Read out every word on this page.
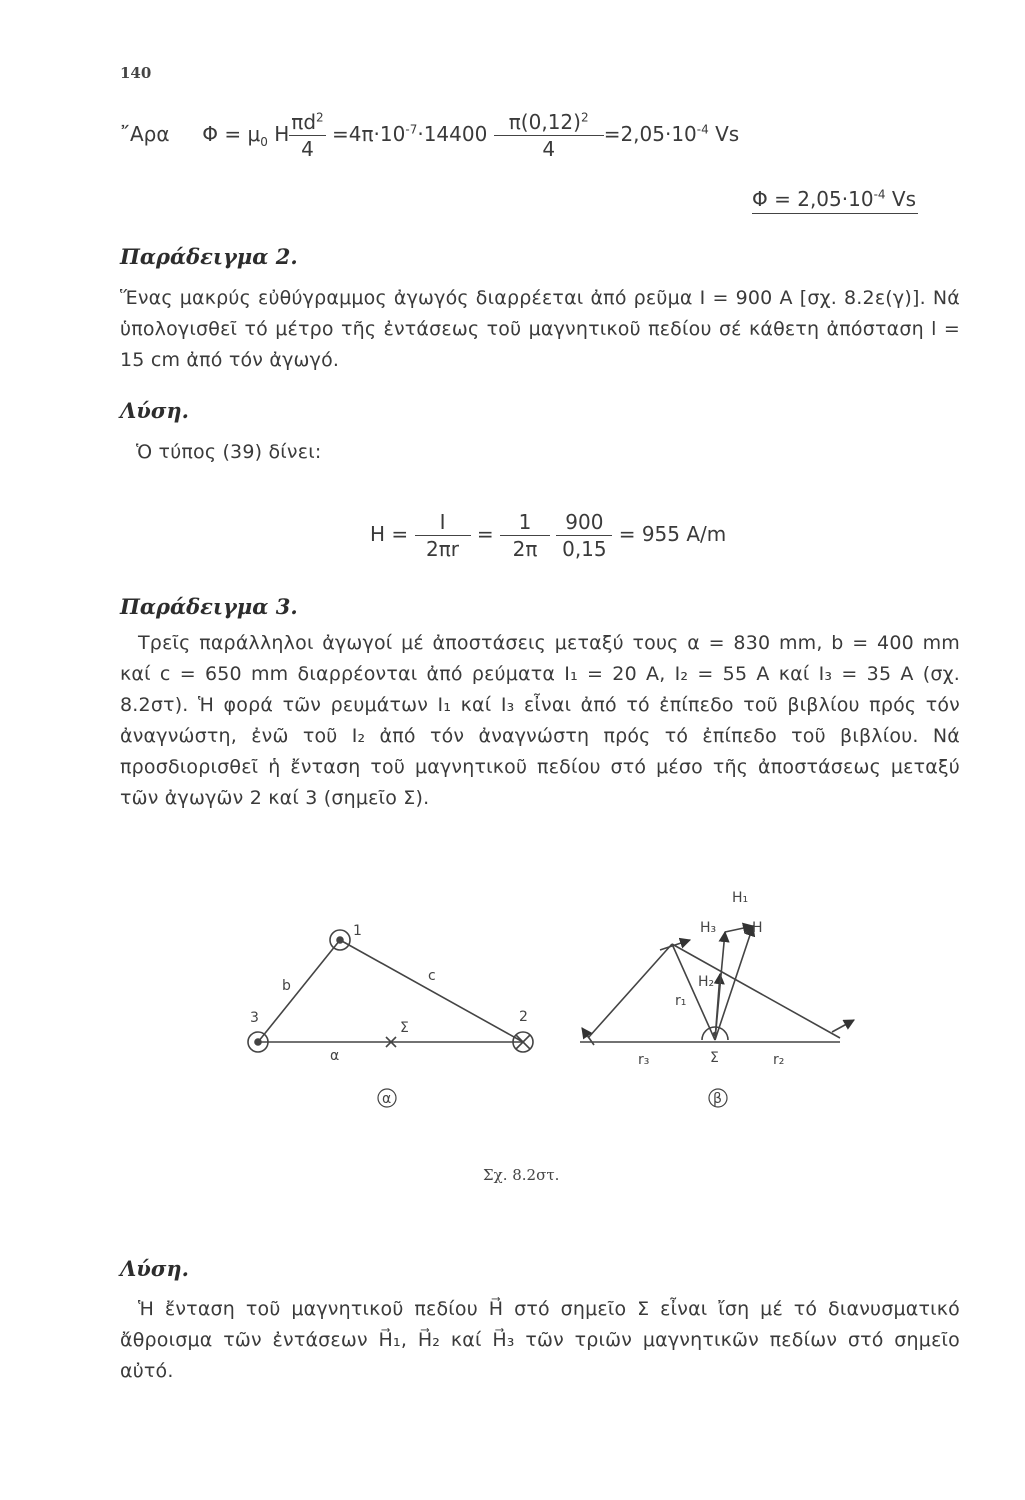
140
῎Αρα $\Phi = \mu_0$ H $\frac{\pi d^2}{4} =4\pi\cdot 10^{-7}\cdot 14400 \frac{\pi(0,12)^2}{4} =2,05\cdot 10^{-4}$ Vs
$\Phi = 2,05\cdot 10^{-4}$ Vs
Παράδειγμα 2.
Ἕνας μακρύς εὐθύγραμμος ἀγωγός διαρρέεται ἀπό ρεῦμα I = 900 A [σχ. 8.2ε(γ)]. Νά ὑπολογισθεῖ τό μέτρο τῆς ἐντάσεως τοῦ μαγνητικοῦ πεδίου σέ κάθετη ἀπόσταση l = 15 cm ἀπό τόν ἀγωγό.
Λύση.
Ὁ τύπος (39) δίνει:
$H = \frac{I}{2\pi r} = \frac{1}{2\pi}$
$\frac{900}{0,15} = 955$ A/m
Παράδειγμα 3.
Τρεῖς παράλληλοι ἀγωγοί μέ ἀποστάσεις μεταξύ τους α = 830 mm, b = 400 mm καί c = 650 mm διαρρέονται ἀπό ρεύματα I₁ = 20 A, I₂ = 55 A καί I₃ = 35 A (σχ. 8.2στ). Ἡ φορά τῶν ρευμάτων I₁ καί I₃ εἶναι ἀπό τό ἐπίπεδο τοῦ βιβλίου πρός τόν ἀναγνώστη, ἐνῶ τοῦ I₂ ἀπό τόν ἀναγνώστη πρός τό ἐπίπεδο τοῦ βιβλίου. Νά προσδιορισθεῖ ἡ ἔνταση τοῦ μαγνητικοῦ πεδίου στό μέσο τῆς ἀποστάσεως μεταξύ τῶν ἀγωγῶν 2 καί 3 (σημεῖο Σ).
1
2
3
b
c
α
Σ
H₁
H₃	H
H₂
r₁
r₃	r₂
Σ
α	β
Σχ. 8.2στ.
Λύση.
Ἡ ἔνταση τοῦ μαγνητικοῦ πεδίου H⃗ στό σημεῖο Σ εἶναι ἴση μέ τό διανυσματικό ἄθροισμα τῶν ἐντάσεων H⃗₁, H⃗₂ καί H⃗₃ τῶν τριῶν μαγνητικῶν πεδίων στό σημεῖο αὐτό.
